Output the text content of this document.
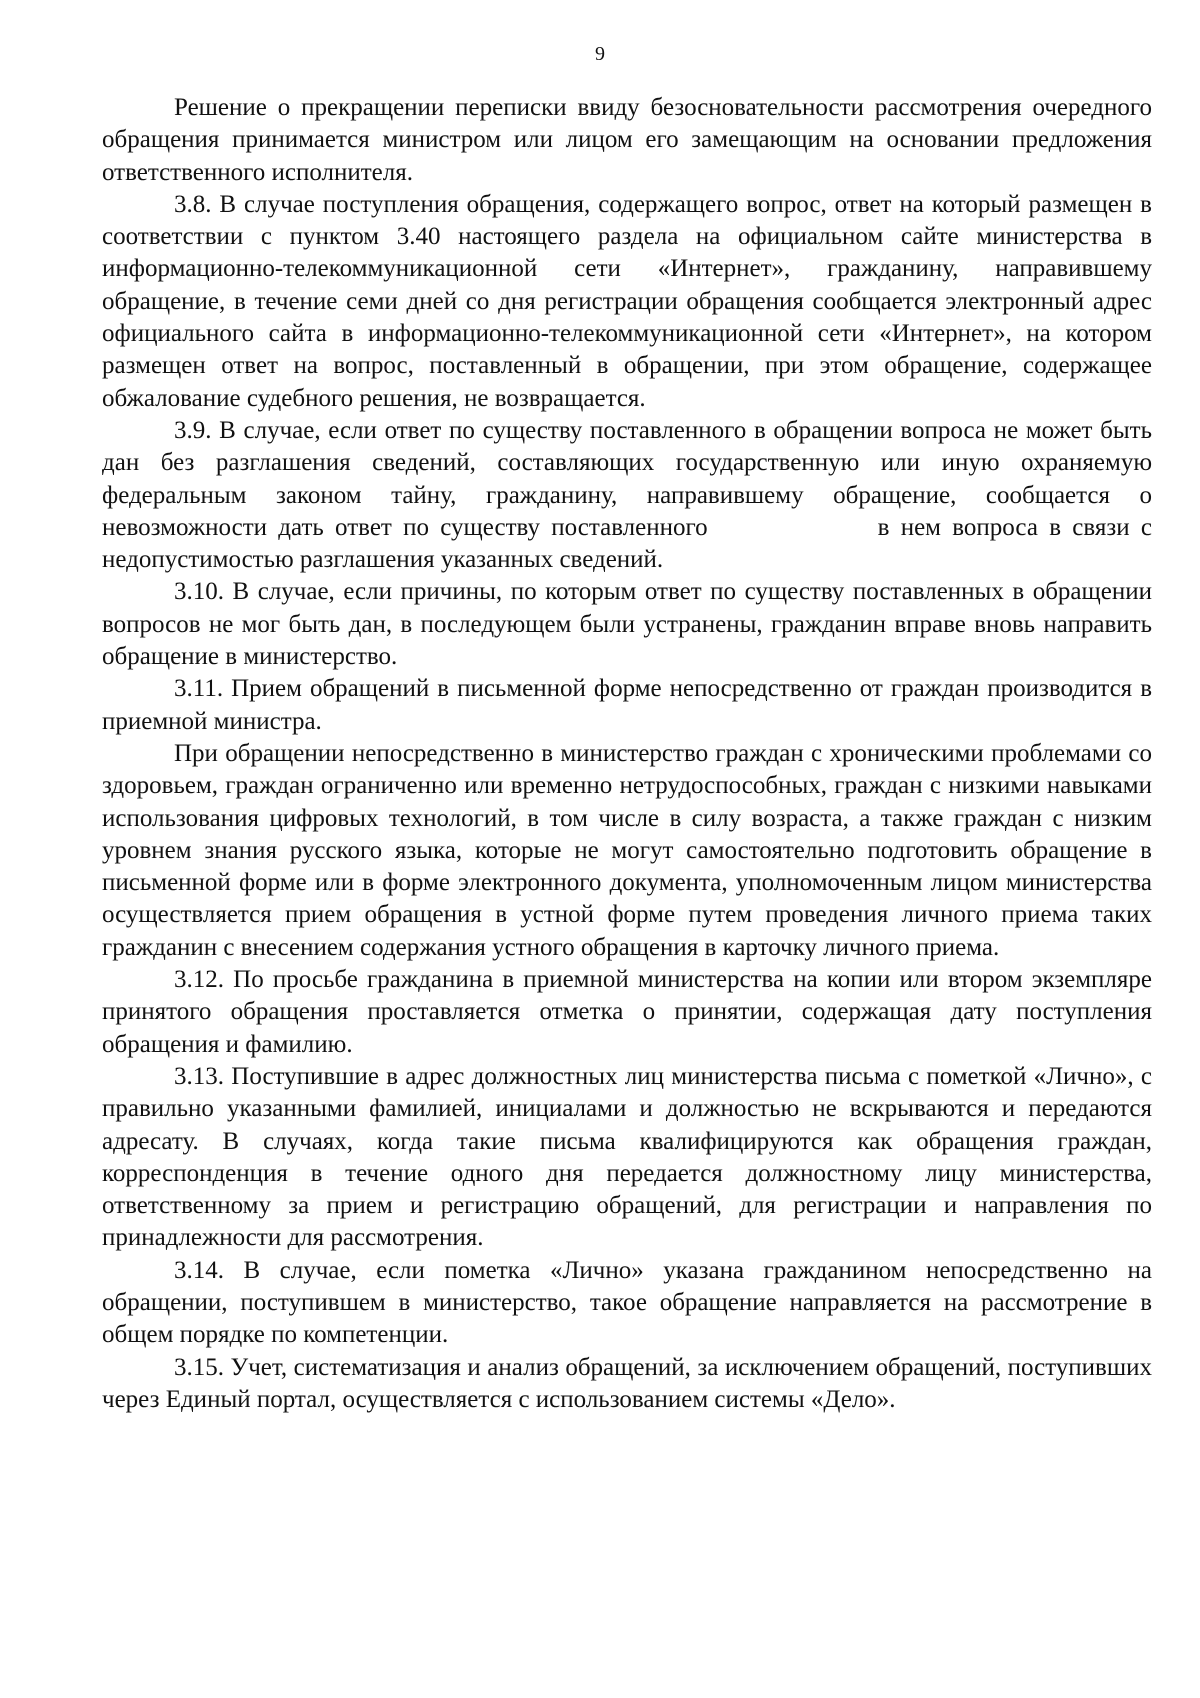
9

Решение о прекращении переписки ввиду безосновательности рассмотрения очередного обращения принимается министром или лицом его замещающим на основании предложения ответственного исполнителя.

3.8. В случае поступления обращения, содержащего вопрос, ответ на который размещен в соответствии с пунктом 3.40 настоящего раздела на официальном сайте министерства в информационно-телекоммуникационной сети «Интернет», гражданину, направившему обращение, в течение семи дней со дня регистрации обращения сообщается электронный адрес официального сайта в информационно-телекоммуникационной сети «Интернет», на котором размещен ответ на вопрос, поставленный в обращении, при этом обращение, содержащее обжалование судебного решения, не возвращается.

3.9. В случае, если ответ по существу поставленного в обращении вопроса не может быть дан без разглашения сведений, составляющих государственную или иную охраняемую федеральным законом тайну, гражданину, направившему обращение, сообщается о невозможности дать ответ по существу поставленного	в нем вопроса в связи с недопустимостью разглашения указанных сведений.

3.10. В случае, если причины, по которым ответ по существу поставленных в обращении вопросов не мог быть дан, в последующем были устранены, гражданин вправе вновь направить обращение в министерство.

3.11. Прием обращений в письменной форме непосредственно от граждан производится в приемной министра.

При обращении непосредственно в министерство граждан с хроническими проблемами со здоровьем, граждан ограниченно или временно нетрудоспособных, граждан с низкими навыками использования цифровых технологий, в том числе в силу возраста, а также граждан с низким уровнем знания русского языка, которые не могут самостоятельно подготовить обращение в письменной форме или в форме электронного документа, уполномоченным лицом министерства осуществляется прием обращения в устной форме путем проведения личного приема таких гражданин с внесением содержания устного обращения в карточку личного приема.

3.12. По просьбе гражданина в приемной министерства на копии или втором экземпляре принятого обращения проставляется отметка о принятии, содержащая дату поступления обращения и фамилию.

3.13. Поступившие в адрес должностных лиц министерства письма с пометкой «Лично», с правильно указанными фамилией, инициалами и должностью не вскрываются и передаются адресату. В случаях, когда такие письма квалифицируются как обращения граждан, корреспонденция в течение одного дня передается должностному лицу министерства, ответственному за прием и регистрацию обращений, для регистрации и направления по принадлежности для рассмотрения.

3.14. В случае, если пометка «Лично» указана гражданином непосредственно на обращении, поступившем в министерство, такое обращение направляется на рассмотрение в общем порядке по компетенции.

3.15. Учет, систематизация и анализ обращений, за исключением обращений, поступивших через Единый портал, осуществляется с использованием системы «Дело».
